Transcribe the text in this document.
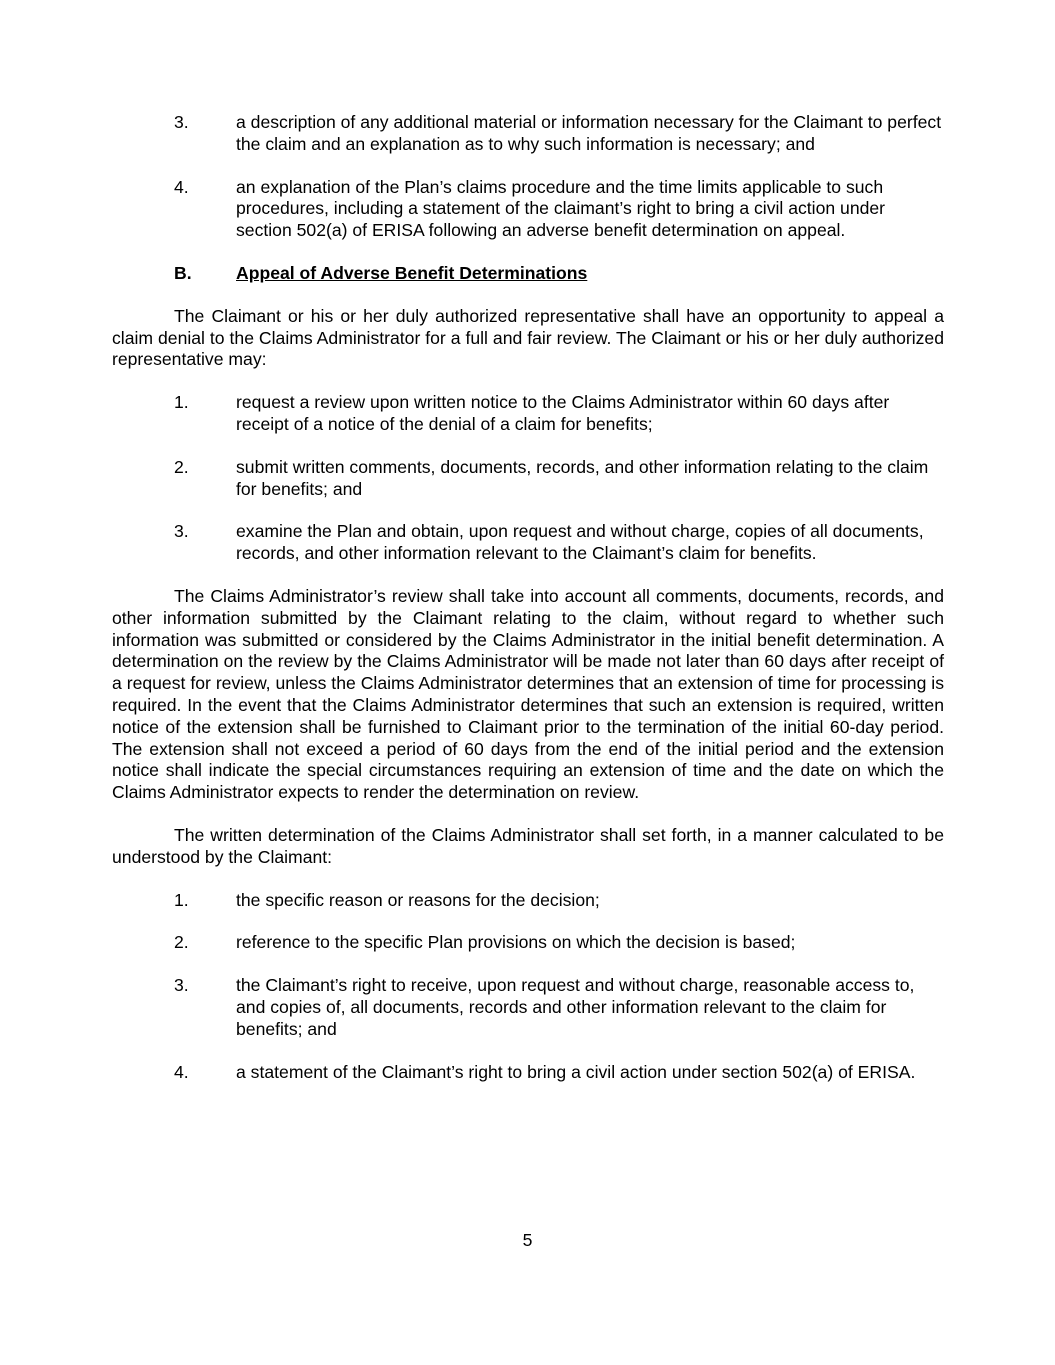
3.	a description of any additional material or information necessary for the Claimant to perfect the claim and an explanation as to why such information is necessary; and
4.	an explanation of the Plan’s claims procedure and the time limits applicable to such procedures, including a statement of the claimant’s right to bring a civil action under section 502(a) of ERISA following an adverse benefit determination on appeal.
B.	Appeal of Adverse Benefit Determinations

The Claimant or his or her duly authorized representative shall have an opportunity to appeal a claim denial to the Claims Administrator for a full and fair review. The Claimant or his or her duly authorized representative may:

1.	request a review upon written notice to the Claims Administrator within 60 days after receipt of a notice of the denial of a claim for benefits;
2.	submit written comments, documents, records, and other information relating to the claim for benefits; and
3.	examine the Plan and obtain, upon request and without charge, copies of all documents, records, and other information relevant to the Claimant’s claim for benefits.

The Claims Administrator’s review shall take into account all comments, documents, records, and other information submitted by the Claimant relating to the claim, without regard to whether such information was submitted or considered by the Claims Administrator in the initial benefit determination. A determination on the review by the Claims Administrator will be made not later than 60 days after receipt of a request for review, unless the Claims Administrator determines that an extension of time for processing is required. In the event that the Claims Administrator determines that such an extension is required, written notice of the extension shall be furnished to Claimant prior to the termination of the initial 60-day period. The extension shall not exceed a period of 60 days from the end of the initial period and the extension notice shall indicate the special circumstances requiring an extension of time and the date on which the Claims Administrator expects to render the determination on review.

The written determination of the Claims Administrator shall set forth, in a manner calculated to be understood by the Claimant:

1.	the specific reason or reasons for the decision;
2.	reference to the specific Plan provisions on which the decision is based;
3.	the Claimant’s right to receive, upon request and without charge, reasonable access to, and copies of, all documents, records and other information relevant to the claim for benefits; and
4.	a statement of the Claimant’s right to bring a civil action under section 502(a) of ERISA.
5
